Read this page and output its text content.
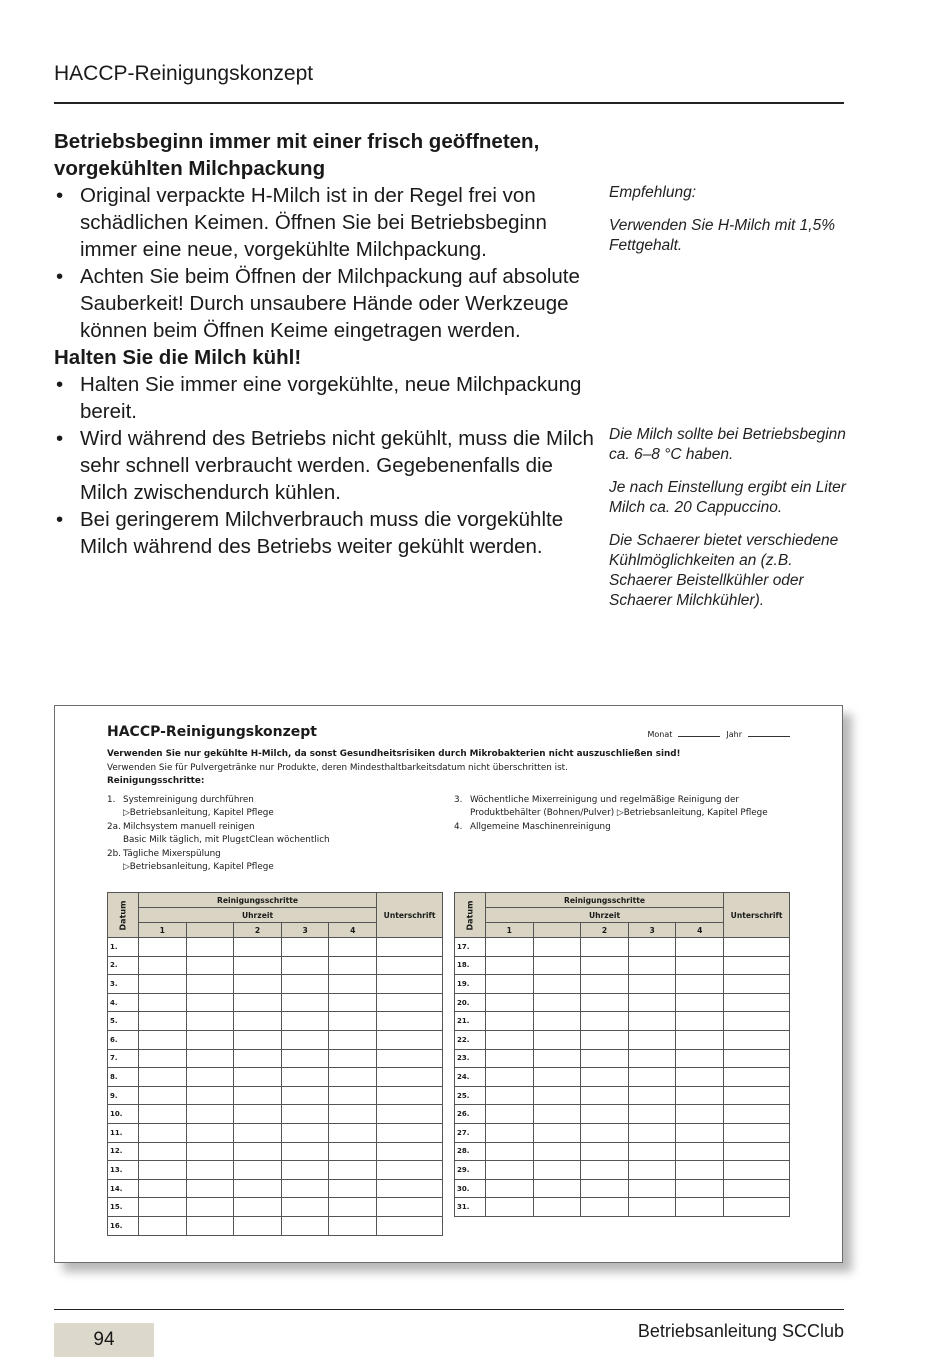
HACCP-Reinigungskonzept
Betriebsbeginn immer mit einer frisch geöffneten, vorgekühlten Milchpackung
• Original verpackte H-Milch ist in der Regel frei von schädlichen Keimen. Öffnen Sie bei Betriebsbeginn immer eine neue, vorgekühlte Milchpackung.
• Achten Sie beim Öffnen der Milchpackung auf absolute Sauberkeit! Durch unsaubere Hände oder Werkzeuge können beim Öffnen Keime eingetragen werden.
Halten Sie die Milch kühl!
• Halten Sie immer eine vorgekühlte, neue Milchpackung bereit.
• Wird während des Betriebs nicht gekühlt, muss die Milch sehr schnell verbraucht werden. Gegebenenfalls die Milch zwischendurch kühlen.
• Bei geringerem Milchverbrauch muss die vorgekühlte Milch während des Betriebs weiter gekühlt werden.

Empfehlung:

Verwenden Sie H-Milch mit 1,5% Fettgehalt.

Die Milch sollte bei Betriebsbeginn ca. 6–8 °C haben.

Je nach Einstellung ergibt ein Liter Milch ca. 20 Cappuccino.

Die Schaerer bietet verschiedene Kühlmöglichkeiten an (z.B. Schaerer Beistellkühler oder Schaerer Milchkühler).

HACCP-Reinigungskonzept	Monat	Jahr
Verwenden Sie nur gekühlte H-Milch, da sonst Gesundheitsrisiken durch Mikrobakterien nicht auszuschließen sind!
Verwenden Sie für Pulvergetränke nur Produkte, deren Mindesthaltbarkeitsdatum nicht überschritten ist.
Reinigungsschritte:
1. Systemreinigung durchführen
▷Betriebsanleitung, Kapitel Pflege
2a. Milchsystem manuell reinigen
Basic Milk täglich, mit PlugɛtClean wöchentlich
2b. Tägliche Mixerspülung
▷Betriebsanleitung, Kapitel Pflege
3. Wöchentliche Mixerreinigung und regelmäßige Reinigung der
Produktbehälter (Bohnen/Pulver) ▷Betriebsanleitung, Kapitel Pflege
4. Allgemeine Maschinenreinigung
Datum	Reinigungsschritte					Unterschrift
	Uhrzeit					
	1		2	3	4	
1.						
2.						
3.						
4.						
5.						
6.						
7.						
8.						
9.						
10.						
11.						
12.						
13.						
14.						
15.						
16.						
Datum	Reinigungsschritte					Unterschrift
	Uhrzeit					
	1		2	3	4	
17.						
18.						
19.						
20.						
21.						
22.						
23.						
24.						
25.						
26.						
27.						
28.						
29.						
30.						
31.						
94	Betriebsanleitung SCClub
